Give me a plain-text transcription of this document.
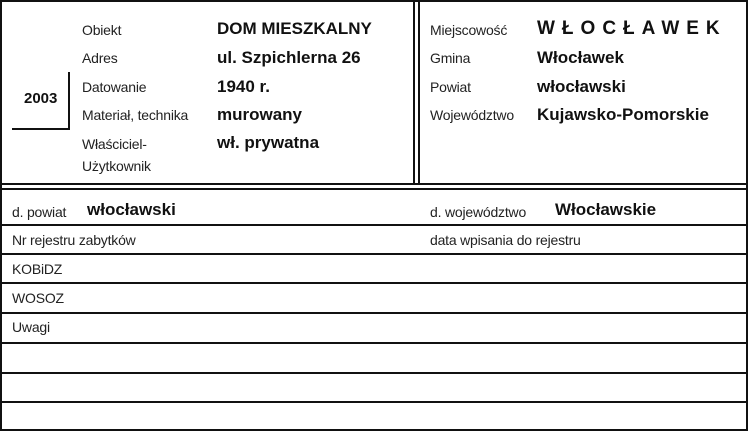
2003
Obiekt	DOM MIESZKALNY
Adres	ul. Szpichlerna 26
Datowanie	1940 r.
Materiał, technika murowany
Właściciel-
Użytkownik
wł. prywatna
Miejscowość WŁOCŁAWEK
Gmina	Włocławek
Powiat	włocławski
Województwo Kujawsko-Pomorskie
d. powiat włocławski	d. województwo Włocławskie
Nr rejestru zabytków	data wpisania do rejestru
KOBiDZ
WOSOZ
Uwagi
